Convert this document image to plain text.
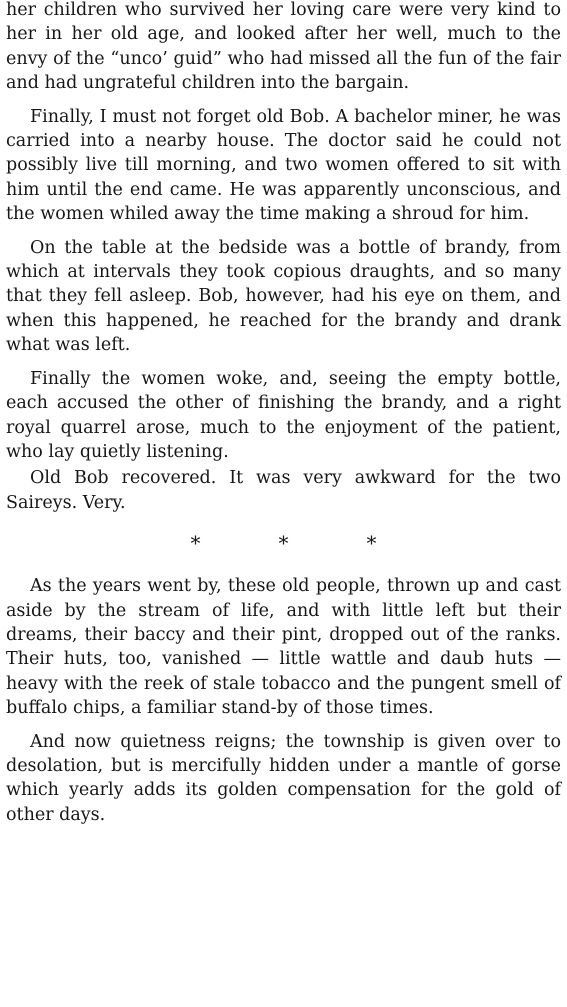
her children who survived her loving care were very kind to her in her old age, and looked after her well, much to the envy of the “unco’ guid” who had missed all the fun of the fair and had ungrateful children into the bargain.

Finally, I must not forget old Bob. A bachelor miner, he was carried into a nearby house. The doctor said he could not possibly live till morning, and two women offered to sit with him until the end came. He was apparently unconscious, and the women whiled away the time making a shroud for him.

On the table at the bedside was a bottle of brandy, from which at intervals they took copious draughts, and so many that they fell asleep. Bob, however, had his eye on them, and when this happened, he reached for the brandy and drank what was left.

Finally the women woke, and, seeing the empty bottle, each accused the other of finishing the brandy, and a right royal quarrel arose, much to the enjoyment of the patient, who lay quietly listening.

Old Bob recovered. It was very awkward for the two Saireys. Very.

*	*	*

As the years went by, these old people, thrown up and cast aside by the stream of life, and with little left but their dreams, their baccy and their pint, dropped out of the ranks. Their huts, too, vanished — little wattle and daub huts — heavy with the reek of stale tobacco and the pungent smell of buffalo chips, a familiar stand-by of those times.

And now quietness reigns; the township is given over to desolation, but is mercifully hidden under a mantle of gorse which yearly adds its golden compensation for the gold of other days.
